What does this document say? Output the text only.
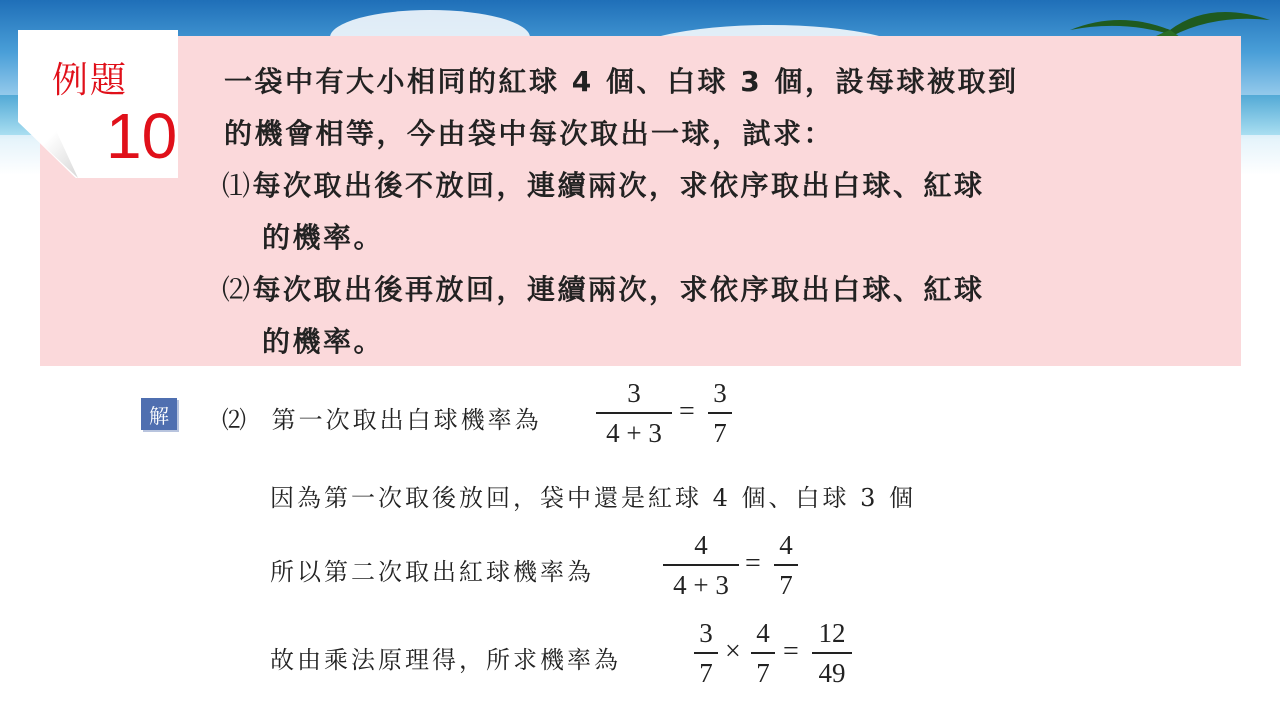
例題
10
一袋中有大小相同的紅球 4 個、白球 3 個，設每球被取到
的機會相等，今由袋中每次取出一球，試求：
⑴每次取出後不放回，連續兩次，求依序取出白球、紅球
的機率。
⑵每次取出後再放回，連續兩次，求依序取出白球、紅球
的機率。
解	⑵ 第一次取出白球機率為
3
4 + 3
=
3
7
因為第一次取後放回，袋中還是紅球 4 個、白球 3 個
所以第二次取出紅球機率為
4
4 + 3
=
4
7
故由乘法原理得，所求機率為
3
7
×
4
7
=
12
49
